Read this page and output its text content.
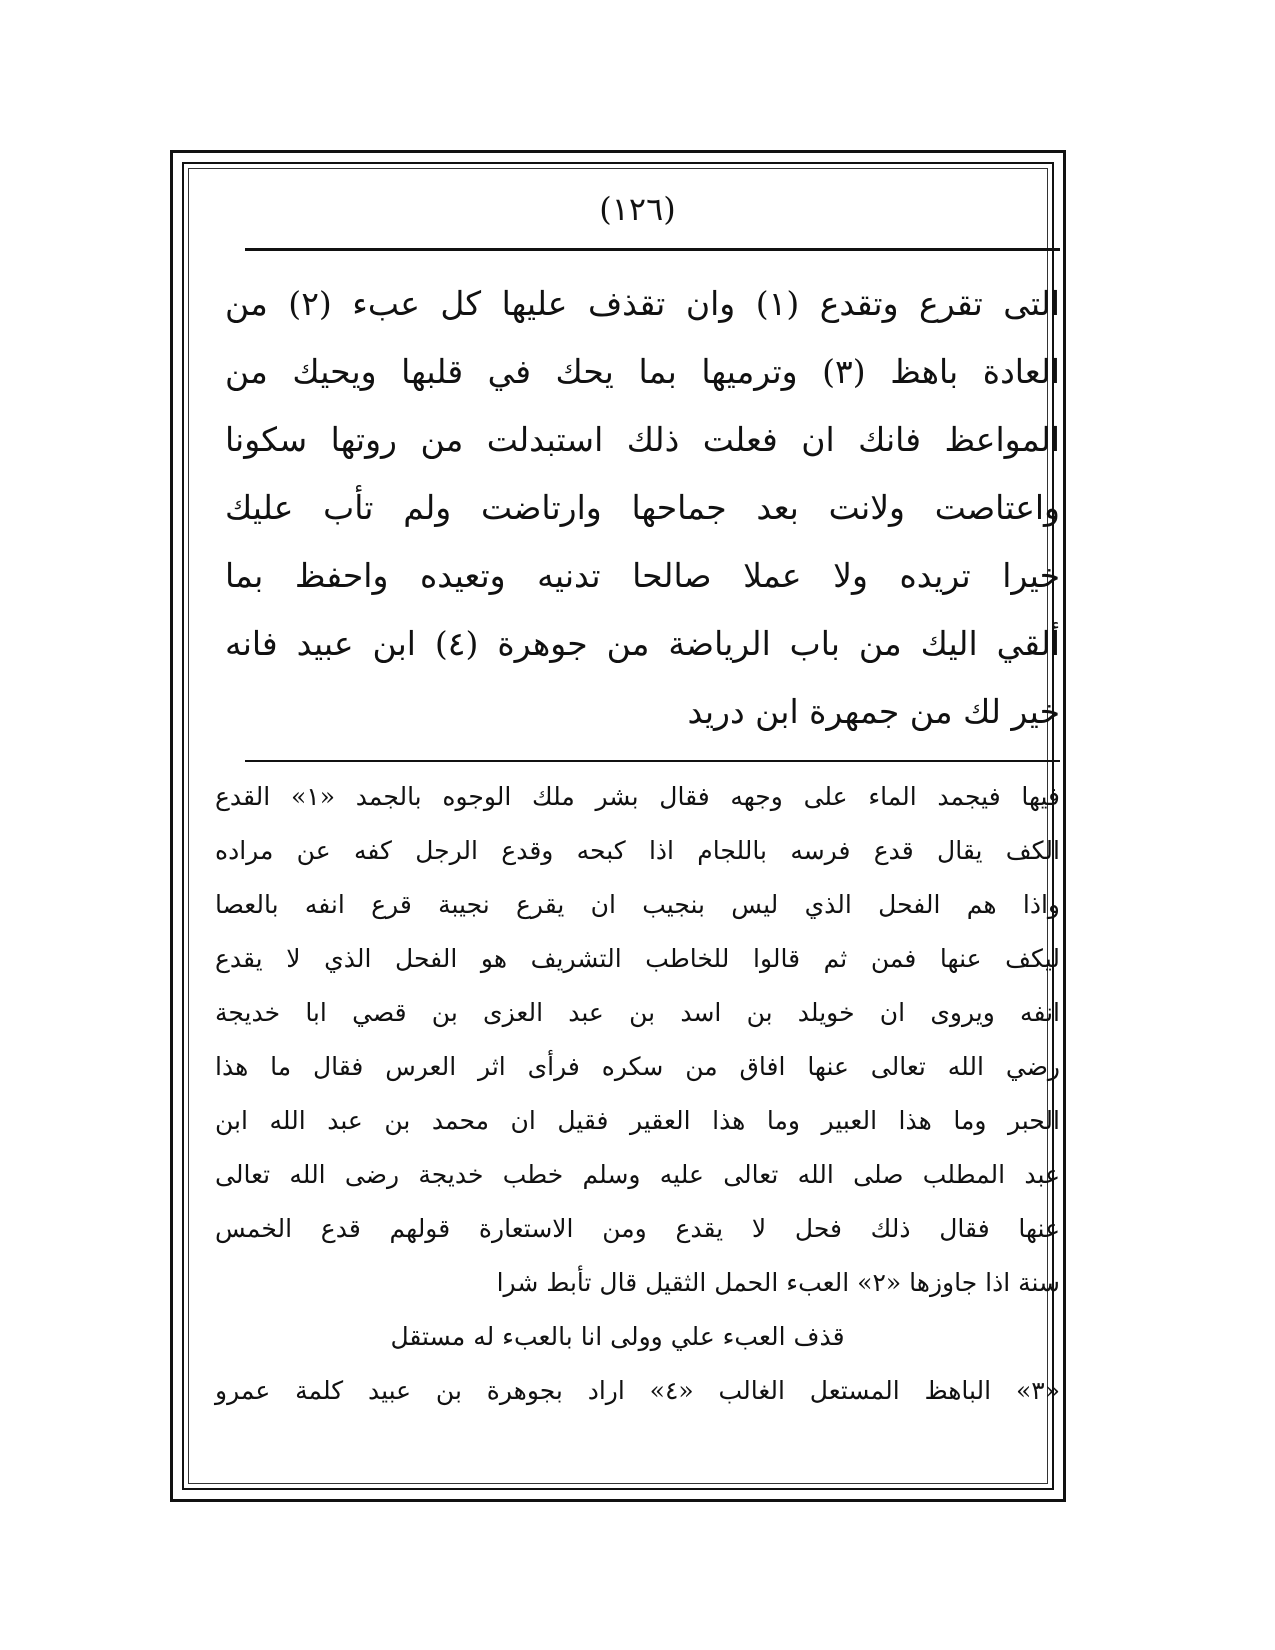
(١٢٦)
التى تقرع وتقدع (١) وان تقذف عليها كل عبء (٢) من
العادة باهظ (٣) وترميها بما يحك في قلبها ويحيك من
المواعظ فانك ان فعلت ذلك استبدلت من روتها سكونا
واعتاصت ولانت بعد جماحها وارتاضت ولم تأب عليك
خيرا تريده ولا عملا صالحا تدنيه وتعيده واحفظ بما
ألقي اليك من باب الرياضة من جوهرة (٤) ابن عبيد فانه
خير لك من جمهرة ابن دريد
فيها فيجمد الماء على وجهه فقال بشر ملك الوجوه بالجمد «١» القدع
الكف يقال قدع فرسه باللجام اذا كبحه وقدع الرجل كفه عن مراده
واذا هم الفحل الذي ليس بنجيب ان يقرع نجيبة قرع انفه بالعصا
ليكف عنها فمن ثم قالوا للخاطب التشريف هو الفحل الذي لا يقدع
انفه ويروى ان خويلد بن اسد بن عبد العزى بن قصي ابا خديجة
رضي الله تعالى عنها افاق من سكره فرأى اثر العرس فقال ما هذا
الحبر وما هذا العبير وما هذا العقير فقيل ان محمد بن عبد الله ابن
عبد المطلب صلى الله تعالى عليه وسلم خطب خديجة رضى الله تعالى
عنها فقال ذلك فحل لا يقدع ومن الاستعارة قولهم قدع الخمس
سنة اذا جاوزها «٢» العبء الحمل الثقيل قال تأبط شرا
قذف العبء علي وولى انا بالعبء له مستقل
«٣» الباهظ المستعل الغالب «٤» اراد بجوهرة بن عبيد كلمة عمرو
